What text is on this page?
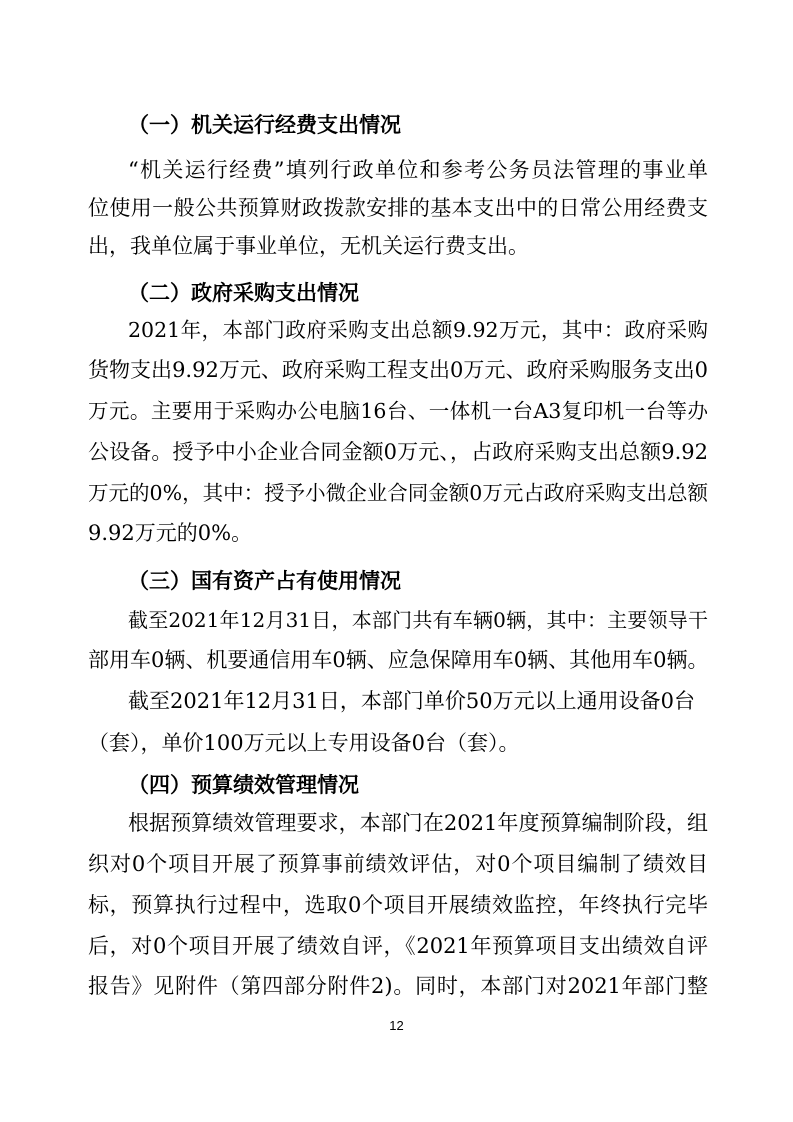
（一）机关运行经费支出情况
“机关运行经费”填列行政单位和参考公务员法管理的事业单
位使用一般公共预算财政拨款安排的基本支出中的日常公用经费支
出，我单位属于事业单位，无机关运行费支出。
（二）政府采购支出情况
2021年，本部门政府采购支出总额9.92万元，其中：政府采购
货物支出9.92万元、政府采购工程支出0万元、政府采购服务支出0
万元。主要用于采购办公电脑16台、一体机一台A3复印机一台等办
公设备。授予中小企业合同金额0万元、，占政府采购支出总额9.92
万元的0%，其中：授予小微企业合同金额0万元占政府采购支出总额
9.92万元的0%。
（三）国有资产占有使用情况
截至2021年12月31日，本部门共有车辆0辆，其中：主要领导干
部用车0辆、机要通信用车0辆、应急保障用车0辆、其他用车0辆。
截至2021年12月31日，本部门单价50万元以上通用设备0台
（套），单价100万元以上专用设备0台（套）。
（四）预算绩效管理情况
根据预算绩效管理要求，本部门在2021年度预算编制阶段，组
织对0个项目开展了预算事前绩效评估，对0个项目编制了绩效目
标，预算执行过程中，选取0个项目开展绩效监控，年终执行完毕
后，对0个项目开展了绩效自评，《2021年预算项目支出绩效自评
报告》见附件（第四部分附件2)。同时，本部门对2021年部门整
12
